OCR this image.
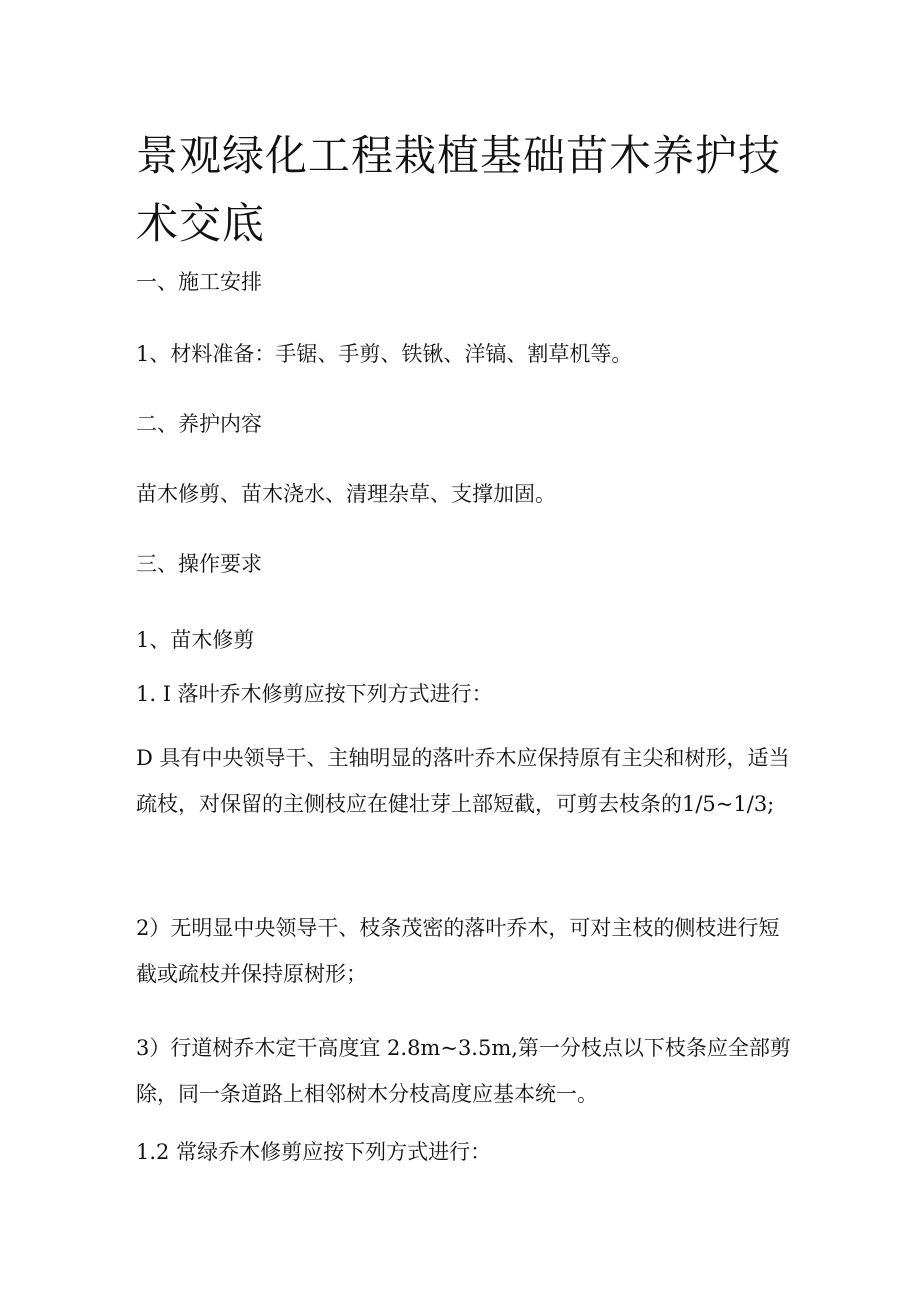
景观绿化工程栽植基础苗木养护技术交底

一、施工安排

1、材料准备：手锯、手剪、铁锹、洋镐、割草机等。

二、养护内容

苗木修剪、苗木浇水、清理杂草、支撑加固。

三、操作要求

1、苗木修剪

1. I 落叶乔木修剪应按下列方式进行：

D 具有中央领导干、主轴明显的落叶乔木应保持原有主尖和树形，适当疏枝，对保留的主侧枝应在健壮芽上部短截，可剪去枝条的1/5~1/3;

2）无明显中央领导干、枝条茂密的落叶乔木，可对主枝的侧枝进行短截或疏枝并保持原树形；

3）行道树乔木定干高度宜 2.8m~3.5m,第一分枝点以下枝条应全部剪除，同一条道路上相邻树木分枝高度应基本统一。

1.2 常绿乔木修剪应按下列方式进行：
